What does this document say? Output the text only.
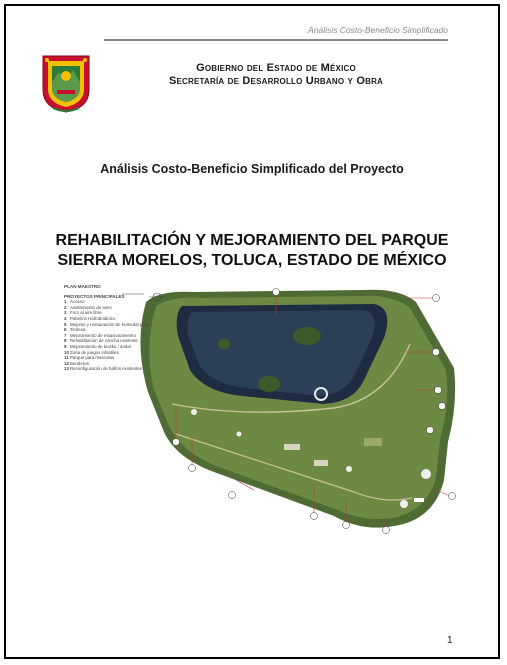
Análisis Costo-Beneficio Simplificado
Gobierno del Estado de México
Secretaría de Desarrollo Urbano y Obra
Análisis Costo-Beneficio Simplificado del Proyecto
REHABILITACIÓN Y MEJORAMIENTO DEL PARQUE
SIERRA MORELOS, TOLUCA, ESTADO DE MÉXICO
PLAN MAESTRO
PROYECTOS PRINCIPALES
1 Acceso
2 Avistamiento de aves
3 Foro al aire libre
4 Pabellón Hidrobotánico
5 Mejoras y restauración de humedal para
6 Tirolesa
7 Mejoramiento de estacionamiento
8 Rehabilitación de cancha existente
9 Mejoramiento de kiosko / andar
10Zona de juegos infantiles
11Parque para mascotas
12Senderos
13Reconfiguración de baños existentes
1
